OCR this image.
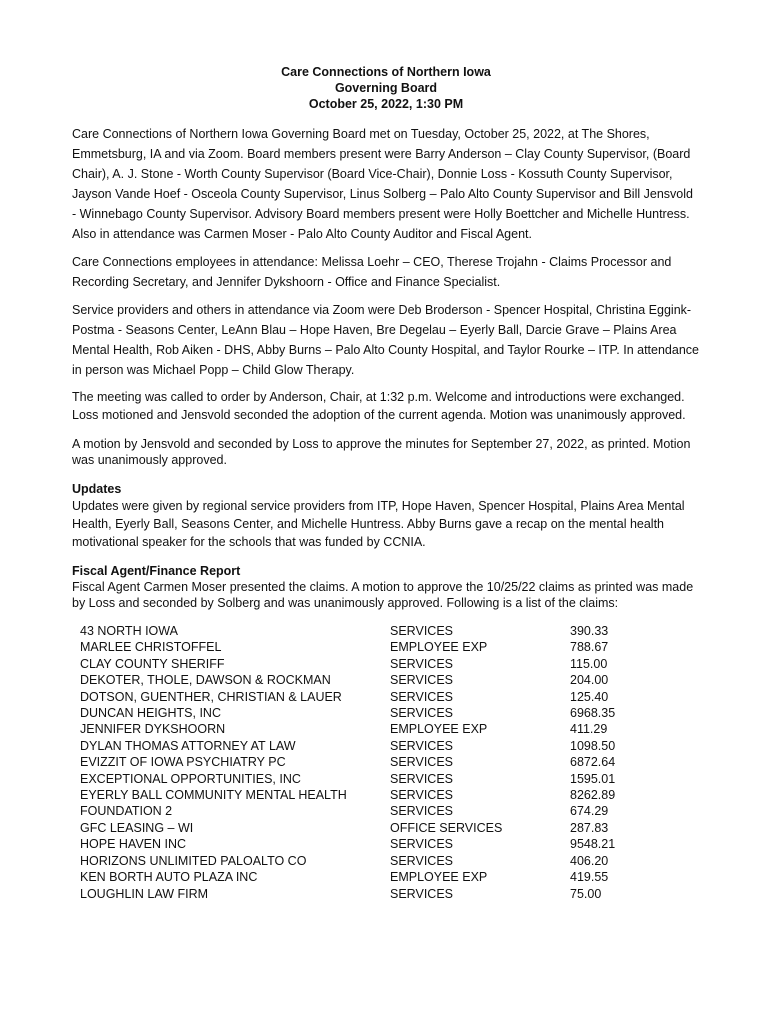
Care Connections of Northern Iowa
Governing Board
October 25, 2022, 1:30 PM

Care Connections of Northern Iowa Governing Board met on Tuesday, October 25, 2022, at The Shores, Emmetsburg, IA and via Zoom. Board members present were Barry Anderson – Clay County Supervisor, (Board Chair), A. J. Stone - Worth County Supervisor (Board Vice-Chair), Donnie Loss - Kossuth County Supervisor, Jayson Vande Hoef - Osceola County Supervisor, Linus Solberg – Palo Alto County Supervisor and Bill Jensvold - Winnebago County Supervisor. Advisory Board members present were Holly Boettcher and Michelle Huntress. Also in attendance was Carmen Moser - Palo Alto County Auditor and Fiscal Agent.

Care Connections employees in attendance: Melissa Loehr – CEO, Therese Trojahn - Claims Processor and Recording Secretary, and Jennifer Dykshoorn - Office and Finance Specialist.

Service providers and others in attendance via Zoom were Deb Broderson - Spencer Hospital, Christina Eggink-Postma - Seasons Center, LeAnn Blau – Hope Haven, Bre Degelau – Eyerly Ball, Darcie Grave – Plains Area Mental Health, Rob Aiken - DHS, Abby Burns – Palo Alto County Hospital, and Taylor Rourke – ITP. In attendance in person was Michael Popp – Child Glow Therapy.

The meeting was called to order by Anderson, Chair, at 1:32 p.m. Welcome and introductions were exchanged. Loss motioned and Jensvold seconded the adoption of the current agenda. Motion was unanimously approved.

A motion by Jensvold and seconded by Loss to approve the minutes for September 27, 2022, as printed. Motion was unanimously approved.

Updates

Updates were given by regional service providers from ITP, Hope Haven, Spencer Hospital, Plains Area Mental Health, Eyerly Ball, Seasons Center, and Michelle Huntress. Abby Burns gave a recap on the mental health motivational speaker for the schools that was funded by CCNIA.

Fiscal Agent/Finance Report

Fiscal Agent Carmen Moser presented the claims. A motion to approve the 10/25/22 claims as printed was made by Loss and seconded by Solberg and was unanimously approved. Following is a list of the claims:

43 NORTH IOWA	SERVICES	390.33
MARLEE CHRISTOFFEL	EMPLOYEE EXP	788.67
CLAY COUNTY SHERIFF	SERVICES	115.00
DEKOTER, THOLE, DAWSON & ROCKMAN	SERVICES	204.00
DOTSON, GUENTHER, CHRISTIAN & LAUER	SERVICES	125.40
DUNCAN HEIGHTS, INC	SERVICES	6968.35
JENNIFER DYKSHOORN	EMPLOYEE EXP	411.29
DYLAN THOMAS ATTORNEY AT LAW	SERVICES	1098.50
EVIZZIT OF IOWA PSYCHIATRY PC	SERVICES	6872.64
EXCEPTIONAL OPPORTUNITIES, INC	SERVICES	1595.01
EYERLY BALL COMMUNITY MENTAL HEALTH	SERVICES	8262.89
FOUNDATION 2	SERVICES	674.29
GFC LEASING – WI	OFFICE SERVICES	287.83
HOPE HAVEN INC	SERVICES	9548.21
HORIZONS UNLIMITED PALOALTO CO	SERVICES	406.20
KEN BORTH AUTO PLAZA INC	EMPLOYEE EXP	419.55
LOUGHLIN LAW FIRM	SERVICES	75.00
